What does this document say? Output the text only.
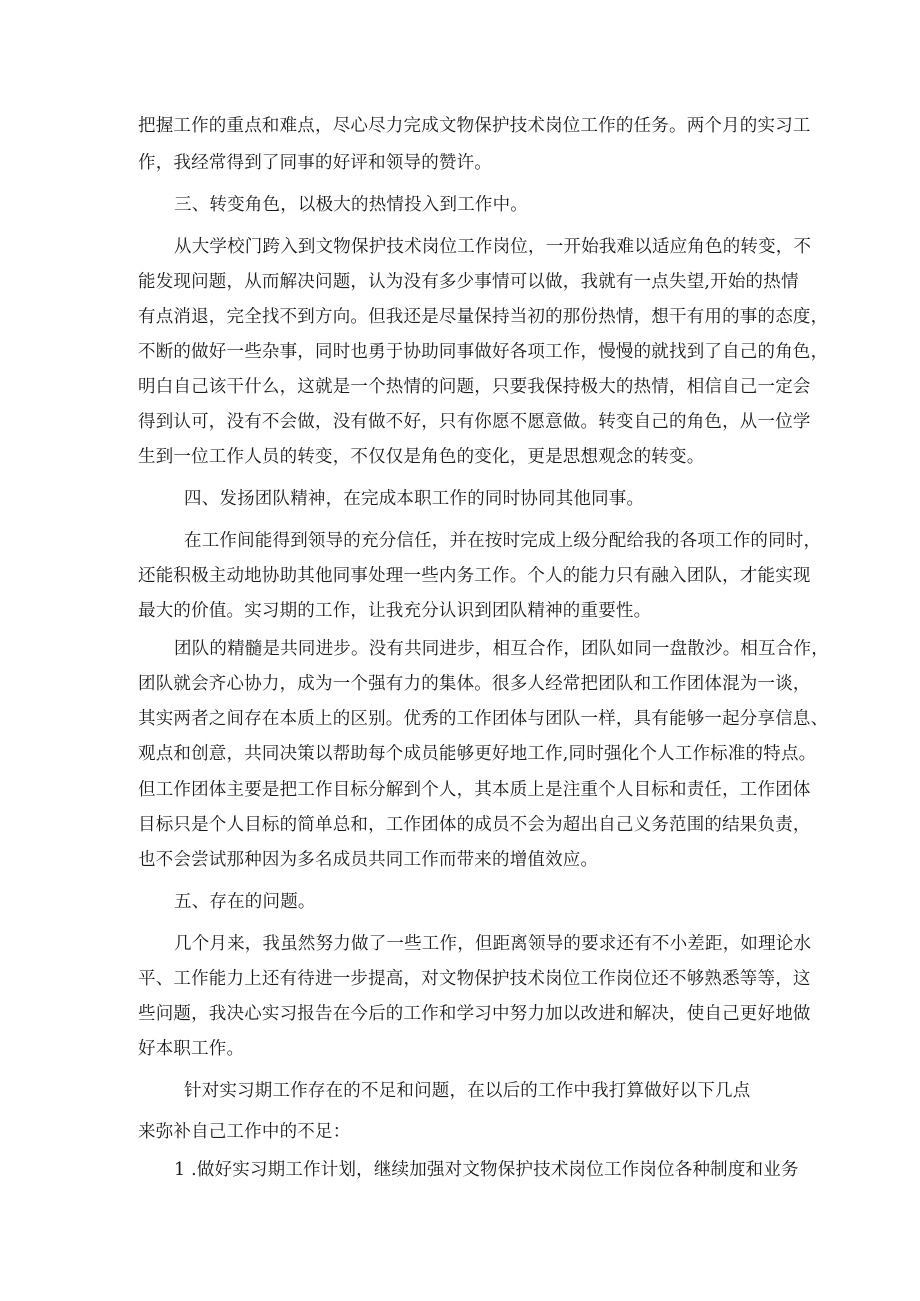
把握工作的重点和难点，尽心尽力完成文物保护技术岗位工作的任务。两个月的实习工
作，我经常得到了同事的好评和领导的赞许。
三、转变角色，以极大的热情投入到工作中。
从大学校门跨入到文物保护技术岗位工作岗位，一开始我难以适应角色的转变，不
能发现问题，从而解决问题，认为没有多少事情可以做，我就有一点失望,开始的热情
有点消退，完全找不到方向。但我还是尽量保持当初的那份热情，想干有用的事的态度，
不断的做好一些杂事，同时也勇于协助同事做好各项工作，慢慢的就找到了自己的角色，
明白自己该干什么，这就是一个热情的问题，只要我保持极大的热情，相信自己一定会
得到认可，没有不会做，没有做不好，只有你愿不愿意做。转变自己的角色，从一位学
生到一位工作人员的转变，不仅仅是角色的变化，更是思想观念的转变。
四、发扬团队精神，在完成本职工作的同时协同其他同事。
在工作间能得到领导的充分信任，并在按时完成上级分配给我的各项工作的同时，
还能积极主动地协助其他同事处理一些内务工作。个人的能力只有融入团队，才能实现
最大的价值。实习期的工作，让我充分认识到团队精神的重要性。
团队的精髓是共同进步。没有共同进步，相互合作，团队如同一盘散沙。相互合作，
团队就会齐心协力，成为一个强有力的集体。很多人经常把团队和工作团体混为一谈，
其实两者之间存在本质上的区别。优秀的工作团体与团队一样，具有能够一起分享信息、
观点和创意，共同决策以帮助每个成员能够更好地工作,同时强化个人工作标准的特点。
但工作团体主要是把工作目标分解到个人，其本质上是注重个人目标和责任，工作团体
目标只是个人目标的简单总和，工作团体的成员不会为超出自己义务范围的结果负责，
也不会尝试那种因为多名成员共同工作而带来的增值效应。
五、存在的问题。
几个月来，我虽然努力做了一些工作，但距离领导的要求还有不小差距，如理论水
平、工作能力上还有待进一步提高，对文物保护技术岗位工作岗位还不够熟悉等等，这
些问题，我决心实习报告在今后的工作和学习中努力加以改进和解决，使自己更好地做
好本职工作。
针对实习期工作存在的不足和问题，在以后的工作中我打算做好以下几点
来弥补自己工作中的不足：
1 .做好实习期工作计划，继续加强对文物保护技术岗位工作岗位各种制度和业务
